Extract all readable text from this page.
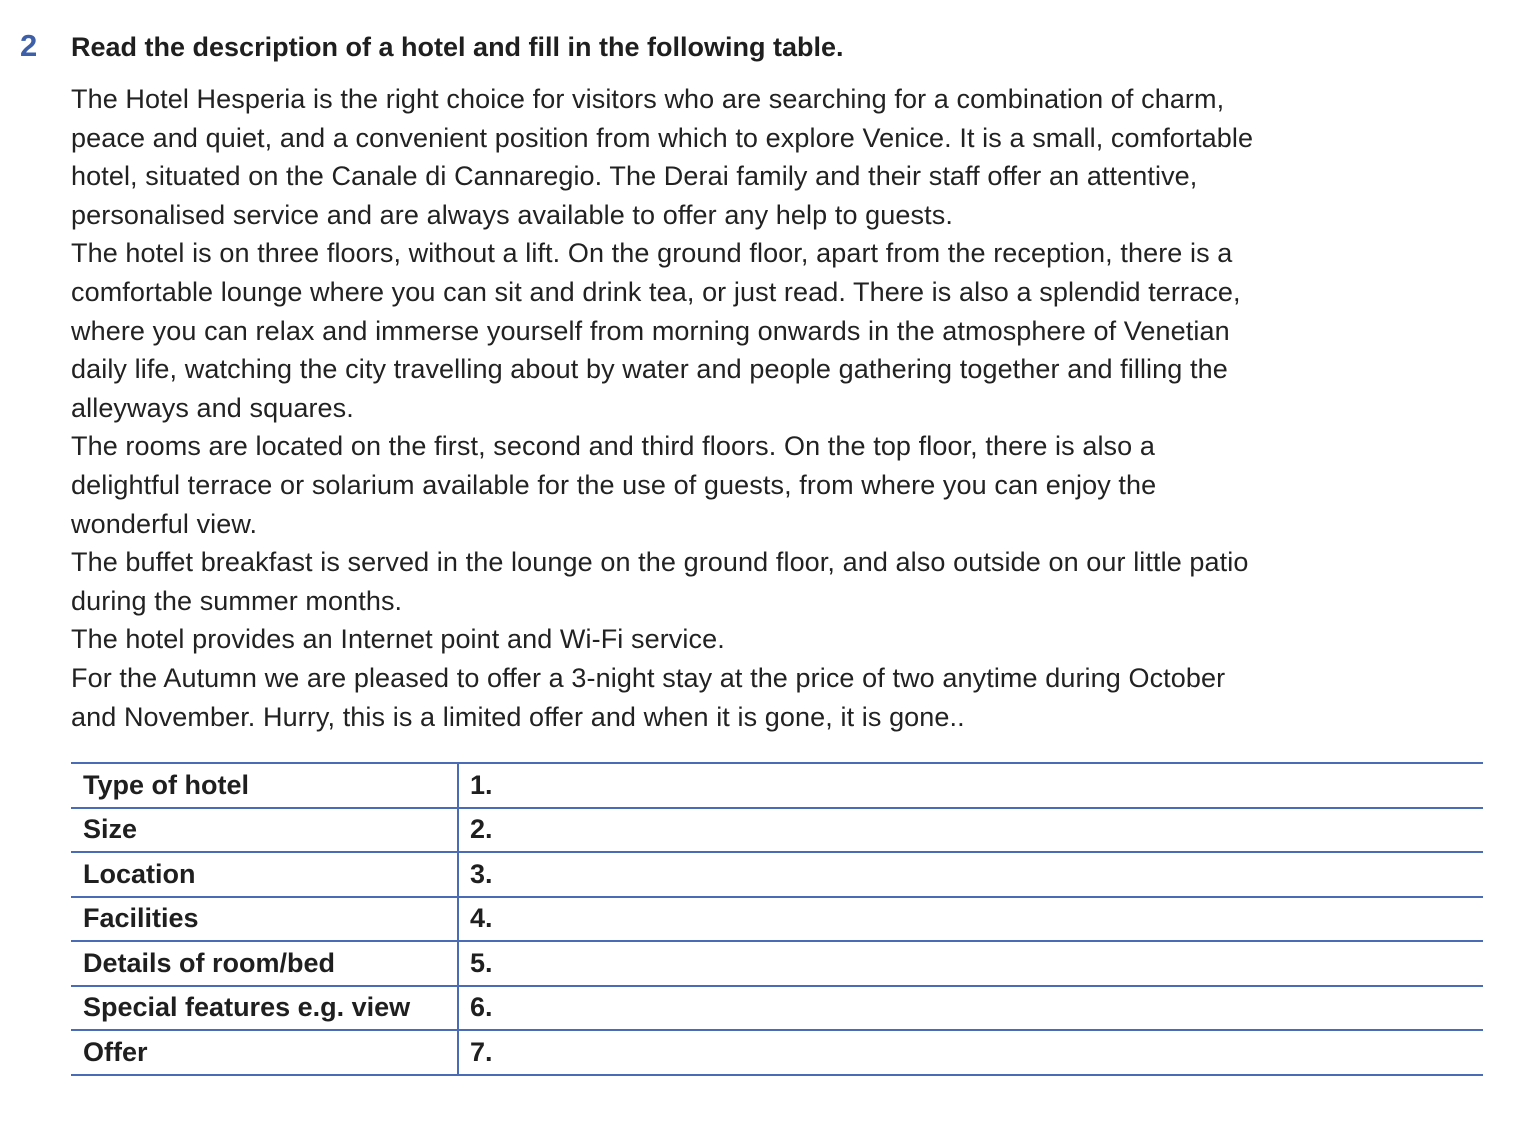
2	Read the description of a hotel and fill in the following table.

The Hotel Hesperia is the right choice for visitors who are searching for a combination of charm,
peace and quiet, and a convenient position from which to explore Venice. It is a small, comfortable
hotel, situated on the Canale di Cannaregio. The Derai family and their staff offer an attentive,
personalised service and are always available to offer any help to guests.

The hotel is on three floors, without a lift. On the ground floor, apart from the reception, there is a
comfortable lounge where you can sit and drink tea, or just read. There is also a splendid terrace,
where you can relax and immerse yourself from morning onwards in the atmosphere of Venetian
daily life, watching the city travelling about by water and people gathering together and filling the
alleyways and squares.

The rooms are located on the first, second and third floors. On the top floor, there is also a
delightful terrace or solarium available for the use of guests, from where you can enjoy the
wonderful view.

The buffet breakfast is served in the lounge on the ground floor, and also outside on our little patio
during the summer months.

The hotel provides an Internet point and Wi-Fi service.

For the Autumn we are pleased to offer a 3-night stay at the price of two anytime during October
and November. Hurry, this is a limited offer and when it is gone, it is gone..

Type of hotel	1.
Size	2.
Location	3.
Facilities	4.
Details of room/bed	5.
Special features e.g. view	6.
Offer	7.
